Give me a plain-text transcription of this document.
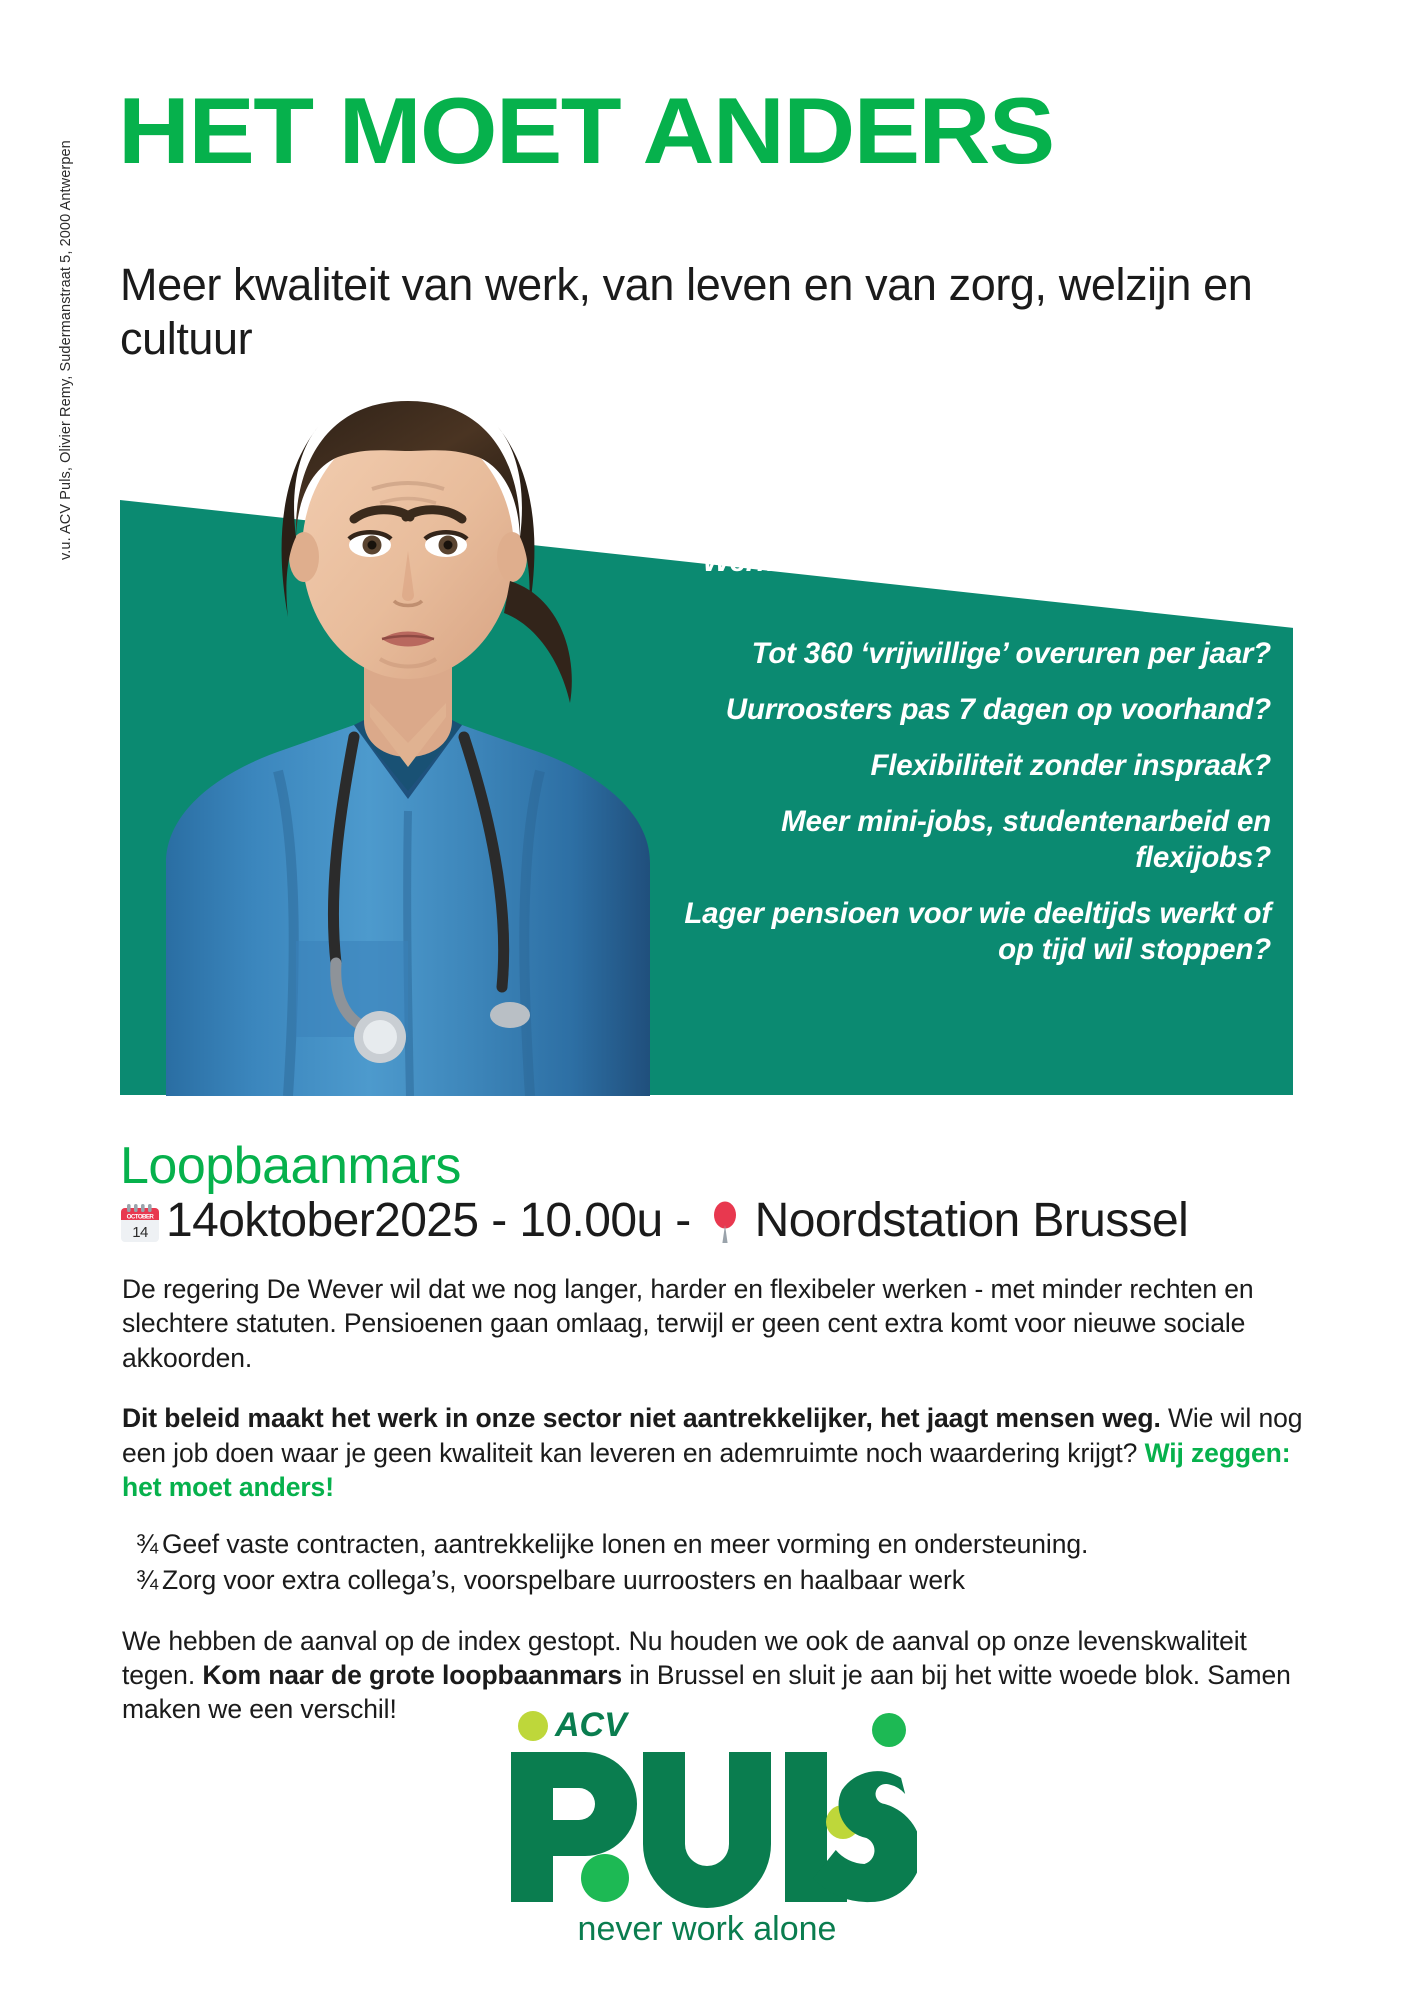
v.u. ACV Puls, Olivier Remy, Sudermanstraat 5, 2000 Antwerpen
HET MOET ANDERS
Meer kwaliteit van werk, van leven en van zorg, welzijn en cultuur

Werken tot 50 uur per week en 12 uur per dag?

Tot 360 ‘vrijwillige’ overuren per jaar?

Uurroosters pas 7 dagen op voorhand?

Flexibiliteit zonder inspraak?

Meer mini-jobs, studentenarbeid en flexijobs?

Lager pensioen voor wie deeltijds werkt of op tijd wil stoppen?

Loopbaanmars
OCTOBER
14 14oktober2025 - 10.00u - Noordstation Brussel

De regering De Wever wil dat we nog langer, harder en flexibeler werken - met minder rechten en slechtere statuten. Pensioenen gaan omlaag, terwijl er geen cent extra komt voor nieuwe sociale akkoorden.

Dit beleid maakt het werk in onze sector niet aantrekkelijker, het jaagt mensen weg. Wie wil nog een job doen waar je geen kwaliteit kan leveren en ademruimte noch waardering krijgt? Wij zeggen: het moet anders!

¾ Geef vaste contracten, aantrekkelijke lonen en meer vorming en ondersteuning.
¾ Zorg voor extra collega’s, voorspelbare uurroosters en haalbaar werk

We hebben de aanval op de index gestopt. Nu houden we ook de aanval op onze levenskwaliteit tegen. Kom naar de grote loopbaanmars in Brussel en sluit je aan bij het witte woede blok. Samen maken we een verschil!	ACV
never work alone
